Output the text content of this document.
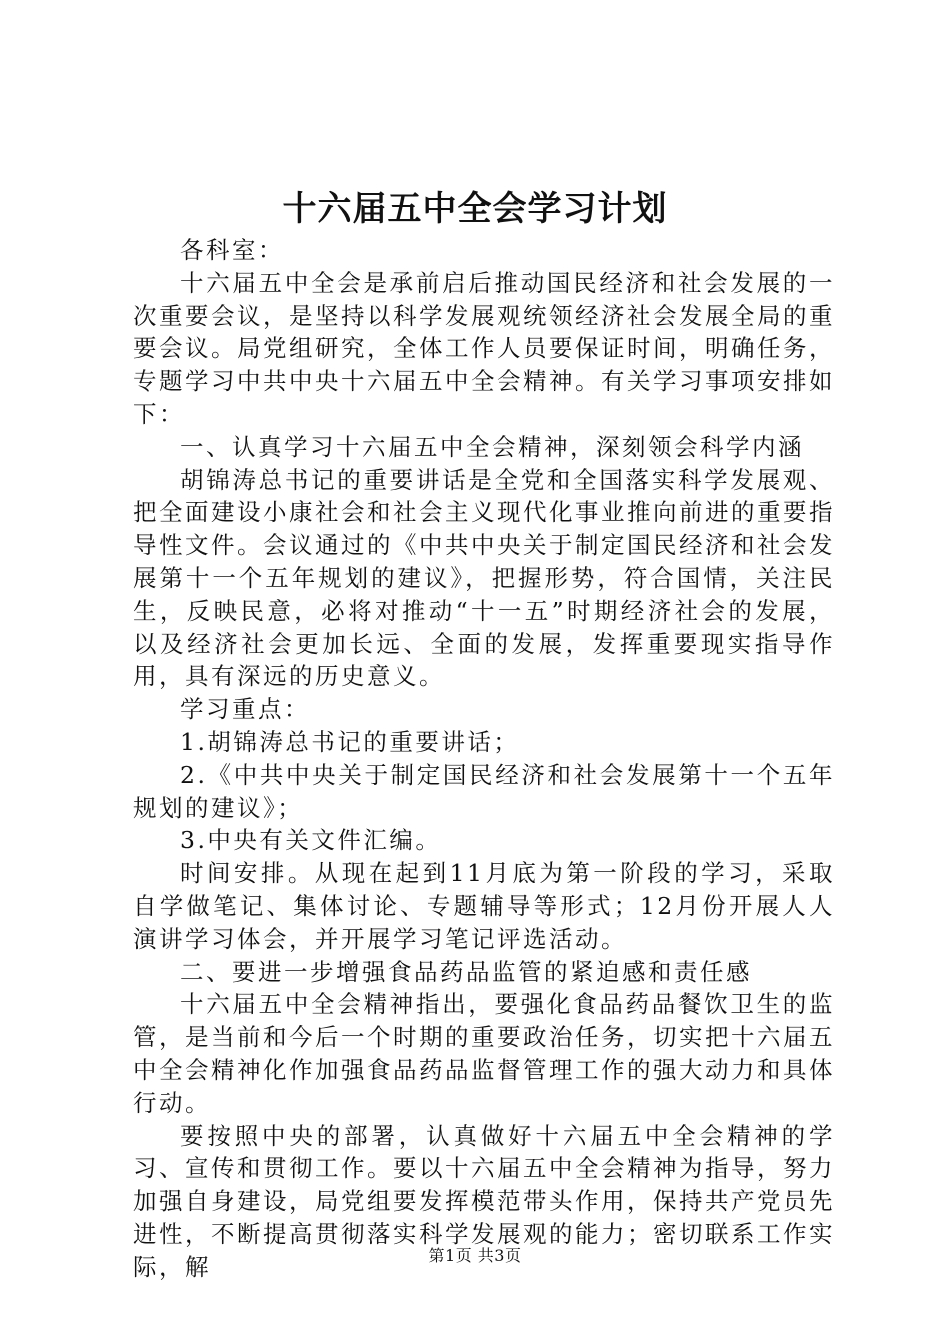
十六届五中全会学习计划

各科室：

十六届五中全会是承前启后推动国民经济和社会发展的一次重要会议，是坚持以科学发展观统领经济社会发展全局的重要会议。局党组研究，全体工作人员要保证时间，明确任务，专题学习中共中央十六届五中全会精神。有关学习事项安排如下：

一、认真学习十六届五中全会精神，深刻领会科学内涵

胡锦涛总书记的重要讲话是全党和全国落实科学发展观、把全面建设小康社会和社会主义现代化事业推向前进的重要指导性文件。会议通过的《中共中央关于制定国民经济和社会发展第十一个五年规划的建议》，把握形势，符合国情，关注民生，反映民意，必将对推动“十一五”时期经济社会的发展，以及经济社会更加长远、全面的发展，发挥重要现实指导作用，具有深远的历史意义。

学习重点：

1.胡锦涛总书记的重要讲话；

2.《中共中央关于制定国民经济和社会发展第十一个五年规划的建议》；

3.中央有关文件汇编。

时间安排。从现在起到11月底为第一阶段的学习，采取自学做笔记、集体讨论、专题辅导等形式；12月份开展人人演讲学习体会，并开展学习笔记评选活动。

二、要进一步增强食品药品监管的紧迫感和责任感

十六届五中全会精神指出，要强化食品药品餐饮卫生的监管，是当前和今后一个时期的重要政治任务，切实把十六届五中全会精神化作加强食品药品监督管理工作的强大动力和具体行动。

要按照中央的部署，认真做好十六届五中全会精神的学习、宣传和贯彻工作。要以十六届五中全会精神为指导，努力加强自身建设，局党组要发挥模范带头作用，保持共产党员先进性，不断提高贯彻落实科学发展观的能力；密切联系工作实际，解	第1页 共3页
